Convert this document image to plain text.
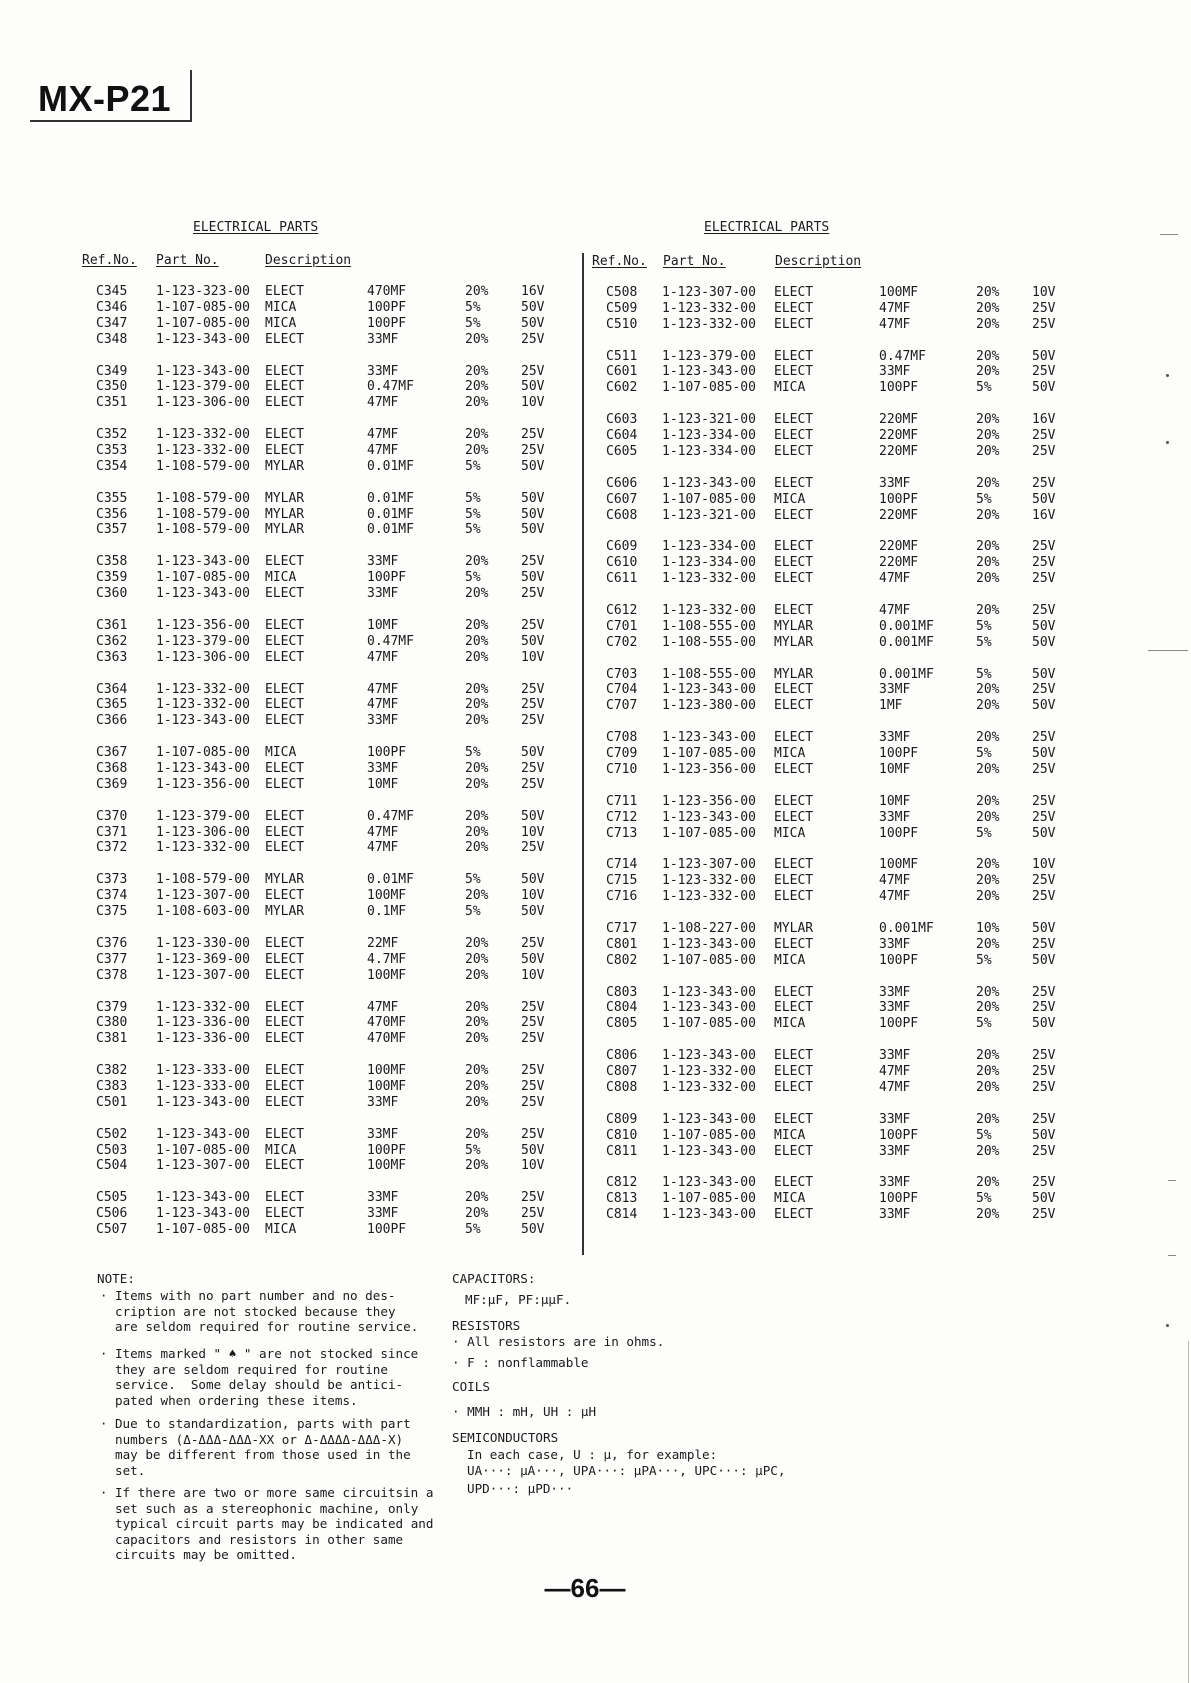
MX-P21
ELECTRICAL PARTS
Ref.No. Part No.	Description
ELECTRICAL PARTS
Ref.No. Part No.	Description
C345 1-123-323-00 ELECT	470MF	20%	16V
C346 1-107-085-00 MICA	100PF	5%	50V
C347 1-107-085-00 MICA	100PF	5%	50V
C348 1-123-343-00 ELECT	33MF	20%	25V
C349 1-123-343-00 ELECT	33MF	20%	25V
C350 1-123-379-00 ELECT	0.47MF	20%	50V
C351 1-123-306-00 ELECT	47MF	20%	10V
C352 1-123-332-00 ELECT	47MF	20%	25V
C353 1-123-332-00 ELECT	47MF	20%	25V
C354 1-108-579-00 MYLAR	0.01MF	5%	50V
C355 1-108-579-00 MYLAR	0.01MF	5%	50V
C356 1-108-579-00 MYLAR	0.01MF	5%	50V
C357 1-108-579-00 MYLAR	0.01MF	5%	50V
C358 1-123-343-00 ELECT	33MF	20%	25V
C359 1-107-085-00 MICA	100PF	5%	50V
C360 1-123-343-00 ELECT	33MF	20%	25V
C361 1-123-356-00 ELECT	10MF	20%	25V
C362 1-123-379-00 ELECT	0.47MF	20%	50V
C363 1-123-306-00 ELECT	47MF	20%	10V
C364 1-123-332-00 ELECT	47MF	20%	25V
C365 1-123-332-00 ELECT	47MF	20%	25V
C366 1-123-343-00 ELECT	33MF	20%	25V
C367 1-107-085-00 MICA	100PF	5%	50V
C368 1-123-343-00 ELECT	33MF	20%	25V
C369 1-123-356-00 ELECT	10MF	20%	25V
C370 1-123-379-00 ELECT	0.47MF	20%	50V
C371 1-123-306-00 ELECT	47MF	20%	10V
C372 1-123-332-00 ELECT	47MF	20%	25V
C373 1-108-579-00 MYLAR	0.01MF	5%	50V
C374 1-123-307-00 ELECT	100MF	20%	10V
C375 1-108-603-00 MYLAR	0.1MF	5%	50V
C376 1-123-330-00 ELECT	22MF	20%	25V
C377 1-123-369-00 ELECT	4.7MF	20%	50V
C378 1-123-307-00 ELECT	100MF	20%	10V
C379 1-123-332-00 ELECT	47MF	20%	25V
C380 1-123-336-00 ELECT	470MF	20%	25V
C381 1-123-336-00 ELECT	470MF	20%	25V
C382 1-123-333-00 ELECT	100MF	20%	25V
C383 1-123-333-00 ELECT	100MF	20%	25V
C501 1-123-343-00 ELECT	33MF	20%	25V
C502 1-123-343-00 ELECT	33MF	20%	25V
C503 1-107-085-00 MICA	100PF	5%	50V
C504 1-123-307-00 ELECT	100MF	20%	10V
C505 1-123-343-00 ELECT	33MF	20%	25V
C506 1-123-343-00 ELECT	33MF	20%	25V
C507 1-107-085-00 MICA	100PF	5%	50V
C508 1-123-307-00 ELECT	100MF	20%	10V
C509 1-123-332-00 ELECT	47MF	20%	25V
C510 1-123-332-00 ELECT	47MF	20%	25V
C511 1-123-379-00 ELECT	0.47MF	20%	50V
C601 1-123-343-00 ELECT	33MF	20%	25V
C602 1-107-085-00 MICA	100PF	5%	50V
C603 1-123-321-00 ELECT	220MF	20%	16V
C604 1-123-334-00 ELECT	220MF	20%	25V
C605 1-123-334-00 ELECT	220MF	20%	25V
C606 1-123-343-00 ELECT	33MF	20%	25V
C607 1-107-085-00 MICA	100PF	5%	50V
C608 1-123-321-00 ELECT	220MF	20%	16V
C609 1-123-334-00 ELECT	220MF	20%	25V
C610 1-123-334-00 ELECT	220MF	20%	25V
C611 1-123-332-00 ELECT	47MF	20%	25V
C612 1-123-332-00 ELECT	47MF	20%	25V
C701 1-108-555-00 MYLAR	0.001MF	5%	50V
C702 1-108-555-00 MYLAR	0.001MF	5%	50V
C703 1-108-555-00 MYLAR	0.001MF	5%	50V
C704 1-123-343-00 ELECT	33MF	20%	25V
C707 1-123-380-00 ELECT	1MF	20%	50V
C708 1-123-343-00 ELECT	33MF	20%	25V
C709 1-107-085-00 MICA	100PF	5%	50V
C710 1-123-356-00 ELECT	10MF	20%	25V
C711 1-123-356-00 ELECT	10MF	20%	25V
C712 1-123-343-00 ELECT	33MF	20%	25V
C713 1-107-085-00 MICA	100PF	5%	50V
C714 1-123-307-00 ELECT	100MF	20%	10V
C715 1-123-332-00 ELECT	47MF	20%	25V
C716 1-123-332-00 ELECT	47MF	20%	25V
C717 1-108-227-00 MYLAR	0.001MF	10%	50V
C801 1-123-343-00 ELECT	33MF	20%	25V
C802 1-107-085-00 MICA	100PF	5%	50V
C803 1-123-343-00 ELECT	33MF	20%	25V
C804 1-123-343-00 ELECT	33MF	20%	25V
C805 1-107-085-00 MICA	100PF	5%	50V
C806 1-123-343-00 ELECT	33MF	20%	25V
C807 1-123-332-00 ELECT	47MF	20%	25V
C808 1-123-332-00 ELECT	47MF	20%	25V
C809 1-123-343-00 ELECT	33MF	20%	25V
C810 1-107-085-00 MICA	100PF	5%	50V
C811 1-123-343-00 ELECT	33MF	20%	25V
C812 1-123-343-00 ELECT	33MF	20%	25V
C813 1-107-085-00 MICA	100PF	5%	50V
C814 1-123-343-00 ELECT	33MF	20%	25V
NOTE:
· Items with no part number and no des-
cription are not stocked because they
are seldom required for routine service.
· Items marked " ♠ " are not stocked since
they are seldom required for routine
service.  Some delay should be antici-
pated when ordering these items.
· Due to standardization, parts with part
numbers (Δ-ΔΔΔ-ΔΔΔ-XX or Δ-ΔΔΔΔ-ΔΔΔ-X)
may be different from those used in the
set.
· If there are two or more same circuitsin a
set such as a stereophonic machine, only
typical circuit parts may be indicated and
capacitors and resistors in other same
circuits may be omitted.
CAPACITORS:
MF:μF, PF:μμF.
RESISTORS
· All resistors are in ohms.
· F : nonflammable
COILS
· MMH : mH, UH : μH
SEMICONDUCTORS
In each case, U : μ, for example:
UA···: μA···, UPA···: μPA···, UPC···: μPC,
UPD···: μPD···
—66—
